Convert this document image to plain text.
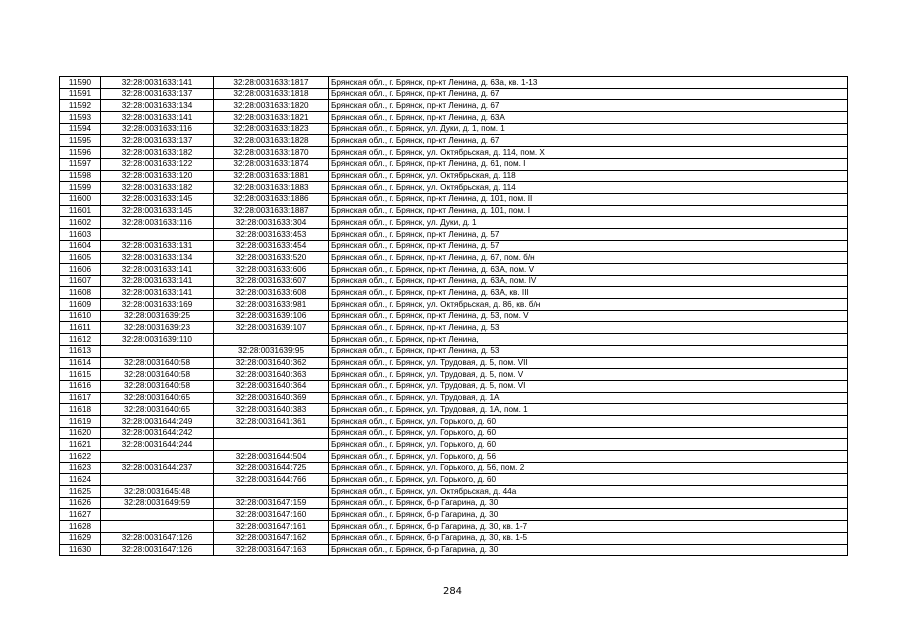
11590	32:28:0031633:141	32:28:0031633:1817	Брянская обл., г. Брянск, пр-кт Ленина, д. 63а, кв. 1-13
11591	32:28:0031633:137	32:28:0031633:1818	Брянская обл., г. Брянск, пр-кт Ленина, д. 67
11592	32:28:0031633:134	32:28:0031633:1820	Брянская обл., г. Брянск, пр-кт Ленина, д. 67
11593	32:28:0031633:141	32:28:0031633:1821	Брянская обл., г. Брянск, пр-кт Ленина, д. 63А
11594	32:28:0031633:116	32:28:0031633:1823	Брянская обл., г. Брянск, ул. Дуки, д. 1, пом. 1
11595	32:28:0031633:137	32:28:0031633:1828	Брянская обл., г. Брянск, пр-кт Ленина, д. 67
11596	32:28:0031633:182	32:28:0031633:1870	Брянская обл., г. Брянск, ул. Октябрьская, д. 114, пом. X
11597	32:28:0031633:122	32:28:0031633:1874	Брянская обл., г. Брянск, пр-кт Ленина, д. 61, пом. I
11598	32:28:0031633:120	32:28:0031633:1881	Брянская обл., г. Брянск, ул. Октябрьская, д. 118
11599	32:28:0031633:182	32:28:0031633:1883	Брянская обл., г. Брянск, ул. Октябрьская, д. 114
11600	32:28:0031633:145	32:28:0031633:1886	Брянская обл., г. Брянск, пр-кт Ленина, д. 101, пом. II
11601	32:28:0031633:145	32:28:0031633:1887	Брянская обл., г. Брянск, пр-кт Ленина, д. 101, пом. I
11602	32:28:0031633:116	32:28:0031633:304	Брянская обл., г. Брянск, ул. Дуки, д. 1
11603		32:28:0031633:453	Брянская обл., г. Брянск, пр-кт Ленина, д. 57
11604	32:28:0031633:131	32:28:0031633:454	Брянская обл., г. Брянск, пр-кт Ленина, д. 57
11605	32:28:0031633:134	32:28:0031633:520	Брянская обл., г. Брянск, пр-кт Ленина, д. 67, пом. б/н
11606	32:28:0031633:141	32:28:0031633:606	Брянская обл., г. Брянск, пр-кт Ленина, д. 63А, пом. V
11607	32:28:0031633:141	32:28:0031633:607	Брянская обл., г. Брянск, пр-кт Ленина, д. 63А, пом. IV
11608	32:28:0031633:141	32:28:0031633:608	Брянская обл., г. Брянск, пр-кт Ленина, д. 63А, кв. III
11609	32:28:0031633:169	32:28:0031633:981	Брянская обл., г. Брянск, ул. Октябрьская, д. 86, кв. б/н
11610	32:28:0031639:25	32:28:0031639:106	Брянская обл., г. Брянск, пр-кт Ленина, д. 53, пом. V
11611	32:28:0031639:23	32:28:0031639:107	Брянская обл., г. Брянск, пр-кт Ленина, д. 53
11612	32:28:0031639:110		Брянская обл., г. Брянск, пр-кт Ленина,
11613		32:28:0031639:95	Брянская обл., г. Брянск, пр-кт Ленина, д. 53
11614	32:28:0031640:58	32:28:0031640:362	Брянская обл., г. Брянск, ул. Трудовая, д. 5, пом. VII
11615	32:28:0031640:58	32:28:0031640:363	Брянская обл., г. Брянск, ул. Трудовая, д. 5, пом. V
11616	32:28:0031640:58	32:28:0031640:364	Брянская обл., г. Брянск, ул. Трудовая, д. 5, пом. VI
11617	32:28:0031640:65	32:28:0031640:369	Брянская обл., г. Брянск, ул. Трудовая, д. 1А
11618	32:28:0031640:65	32:28:0031640:383	Брянская обл., г. Брянск, ул. Трудовая, д. 1А, пом. 1
11619	32:28:0031644:249	32:28:0031641:361	Брянская обл., г. Брянск, ул. Горького, д. 60
11620	32:28:0031644:242		Брянская обл., г. Брянск, ул. Горького, д. 60
11621	32:28:0031644:244		Брянская обл., г. Брянск, ул. Горького, д. 60
11622		32:28:0031644:504	Брянская обл., г. Брянск, ул. Горького, д. 56
11623	32:28:0031644:237	32:28:0031644:725	Брянская обл., г. Брянск, ул. Горького, д. 56, пом. 2
11624		32:28:0031644:766	Брянская обл., г. Брянск, ул. Горького, д. 60
11625	32:28:0031645:48		Брянская обл., г. Брянск, ул. Октябрьская, д. 44а
11626	32:28:0031649:59	32:28:0031647:159	Брянская обл., г. Брянск, б-р Гагарина, д. 30
11627		32:28:0031647:160	Брянская обл., г. Брянск, б-р Гагарина, д. 30
11628		32:28:0031647:161	Брянская обл., г. Брянск, б-р Гагарина, д. 30, кв. 1-7
11629	32:28:0031647:126	32:28:0031647:162	Брянская обл., г. Брянск, б-р Гагарина, д. 30, кв. 1-5
11630	32:28:0031647:126	32:28:0031647:163	Брянская обл., г. Брянск, б-р Гагарина, д. 30
284
